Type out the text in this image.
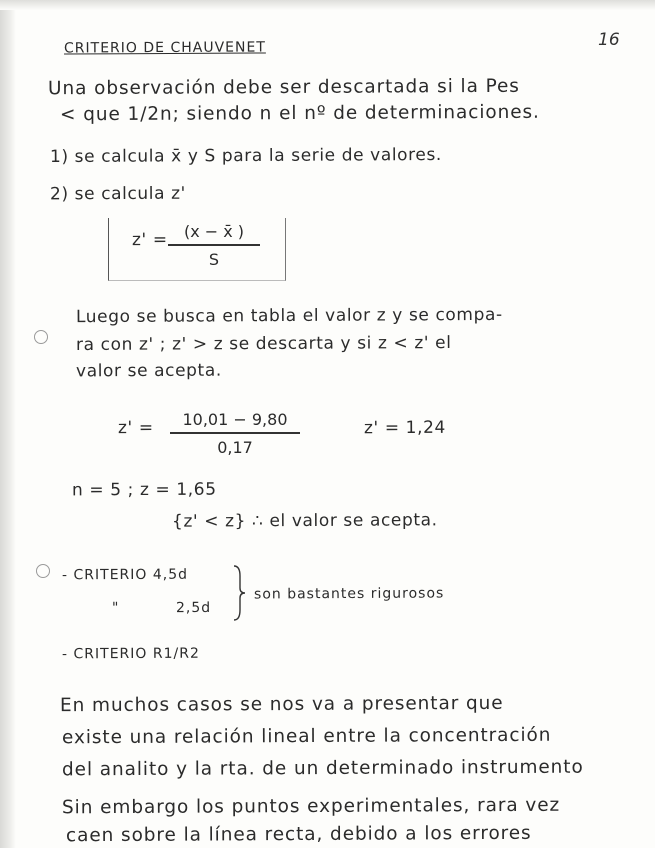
16
CRITERIO DE CHAUVENET
Una observación debe ser descartada si la Pes
< que 1/2n; siendo n el nº de determinaciones.
1) se calcula x̄ y S para la serie de valores.
2) se calcula z'
z' =	(x − x̄ )
S
Luego se busca en tabla el valor z y se compa-
ra con z' ; z' > z se descarta y si z < z' el
valor se acepta.
z' =	10,01 − 9,80
0,17
z' = 1,24
n = 5 ; z = 1,65
{z' < z} ∴ el valor se acepta.
- CRITERIO 4,5d
"	2,5d
son bastantes rigurosos
- CRITERIO R1/R2
En muchos casos se nos va a presentar que
existe una relación lineal entre la concentración
del analito y la rta. de un determinado instrumento
Sin embargo los puntos experimentales, rara vez
caen sobre la línea recta, debido a los errores
